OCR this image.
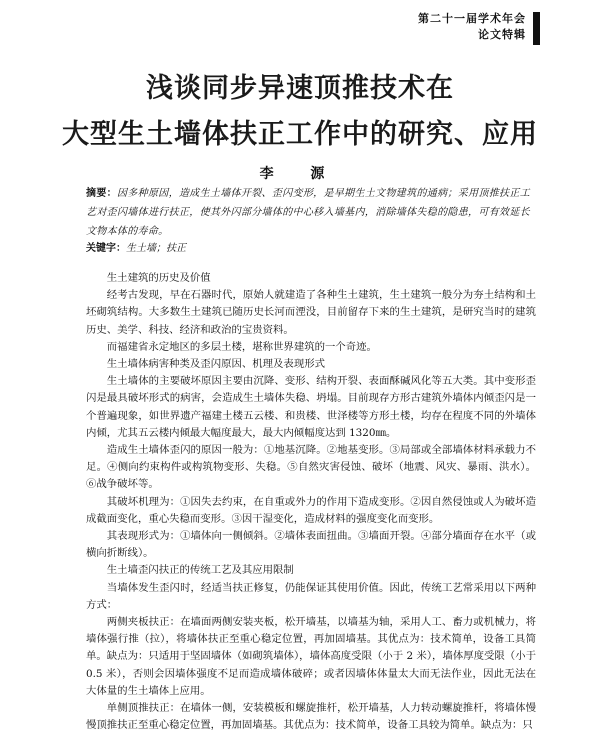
第二十一届学术年会
论文特辑
浅谈同步异速顶推技术在
大型生土墙体扶正工作中的研究、应用
李 源
摘要：因多种原因，造成生土墙体开裂、歪闪变形，是早期生土文物建筑的通病；采用顶推扶正工艺对歪闪墙体进行扶正，使其外闪部分墙体的中心移入墙基内，消除墙体失稳的隐患，可有效延长文物本体的寿命。
关键字：生土墙；扶正

生土建筑的历史及价值

经考古发现，早在石器时代，原始人就建造了各种生土建筑，生土建筑一般分为夯土结构和土坯砌筑结构。大多数生土建筑已随历史长河而湮没，目前留存下来的生土建筑，是研究当时的建筑历史、美学、科技、经济和政治的宝贵资料。

而福建省永定地区的多层土楼，堪称世界建筑的一个奇迹。

生土墙体病害种类及歪闪原因、机理及表现形式

生土墙体的主要破坏原因主要由沉降、变形、结构开裂、表面酥碱风化等五大类。其中变形歪闪是最具破坏形式的病害，会造成生土墙体失稳、坍塌。目前现存方形古建筑外墙体内倾歪闪是一个普遍现象，如世界遗产福建土楼五云楼、和贵楼、世泽楼等方形土楼，均存在程度不同的外墙体内倾，尤其五云楼内倾最大幅度最大，最大内倾幅度达到 1320㎜。

造成生土墙体歪闪的原因一般为：①地基沉降。②地基变形。③局部或全部墙体材料承载力不足。④侧向约束构件或构筑物变形、失稳。⑤自然灾害侵蚀、破坏（地震、风灾、暴雨、洪水）。⑥战争破坏等。

其破坏机理为：①因失去约束，在自重或外力的作用下造成变形。②因自然侵蚀或人为破坏造成截面变化，重心失稳而变形。③因干湿变化，造成材料的强度变化而变形。

其表现形式为：①墙体向一侧倾斜。②墙体表面扭曲。③墙面开裂。④部分墙面存在水平（或横向折断线）。

生土墙歪闪扶正的传统工艺及其应用限制

当墙体发生歪闪时，经适当扶正修复，仍能保证其使用价值。因此，传统工艺常采用以下两种方式：

两侧夹板扶正：在墙面两侧安装夹板，松开墙基，以墙基为轴，采用人工、畜力或机械力，将墙体强行推（拉），将墙体扶正至重心稳定位置，再加固墙基。其优点为：技术简单，设备工具简单。缺点为：只适用于坚固墙体（如砌筑墙体），墙体高度受限（小于 2 米），墙体厚度受限（小于 0.5 米），否则会因墙体强度不足而造成墙体破碎；或者因墙体体量太大而无法作业，因此无法在大体量的生土墙体上应用。

单侧顶推扶正：在墙体一侧，安装模板和螺旋推杆，松开墙基，人力转动螺旋推杆，将墙体慢慢顶推扶正至重心稳定位置，再加固墙基。其优点为：技术简单，设备工具较为简单。缺点为：只
